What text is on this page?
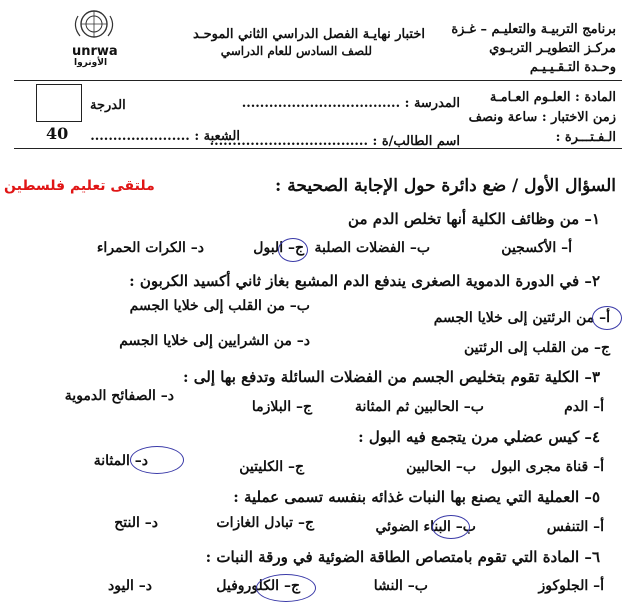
unrwa
الأونروا
اختبار نهايـة الفصل الدراسي الثاني الموحـد
للصف السادس للعام الدراسي
برنامج التربيـة والتعليـم – غـزة
مركـز التطويـر التربـوي
وحـدة التـقـيـيـم
المادة : العلـوم العـامـة
زمن الاختبار : ساعة ونصف
الـفـتـــرة :
المدرسة : ...................................
اسم الطالب/ة : ...................................
الشعبة : ......................
الدرجة
40
السؤال الأول / ضع دائرة حول الإجابة الصحيحة :
ملتقى تعليم فلسطين
١– من وظائف الكلية أنها تخلص الدم من
أ– الأكسجين
ب– الفضلات الصلبة
ج– البول
د– الكرات الحمراء
٢– في الدورة الدموية الصغرى يندفع الدم المشبع بغاز ثاني أكسيد الكربون :
أ– من الرئتين إلى خلايا الجسم
ب– من القلب إلى خلايا الجسم
ج– من القلب إلى الرئتين
د– من الشرايين إلى خلايا الجسم
٣– الكلية تقوم بتخليص الجسم من الفضلات السائلة وتدفع بها إلى :
أ– الدم
ب– الحالبين ثم المثانة
ج– البلازما
د– الصفائح الدموية
٤– كيس عضلي مرن يتجمع فيه البول :
أ– قناة مجرى البول
ب– الحالبين
ج– الكليتين
د– المثانة
٥– العملية التي يصنع بها النبات غذائه بنفسه تسمى عملية :
أ– التنفس
ب– البناء الضوئي
ج– تبادل الغازات
د– النتح
٦– المادة التي تقوم بامتصاص الطاقة الضوئية في ورقة النبات :
أ– الجلوكوز
ب– النشا
ج– الكلوروفيل
د– اليود
